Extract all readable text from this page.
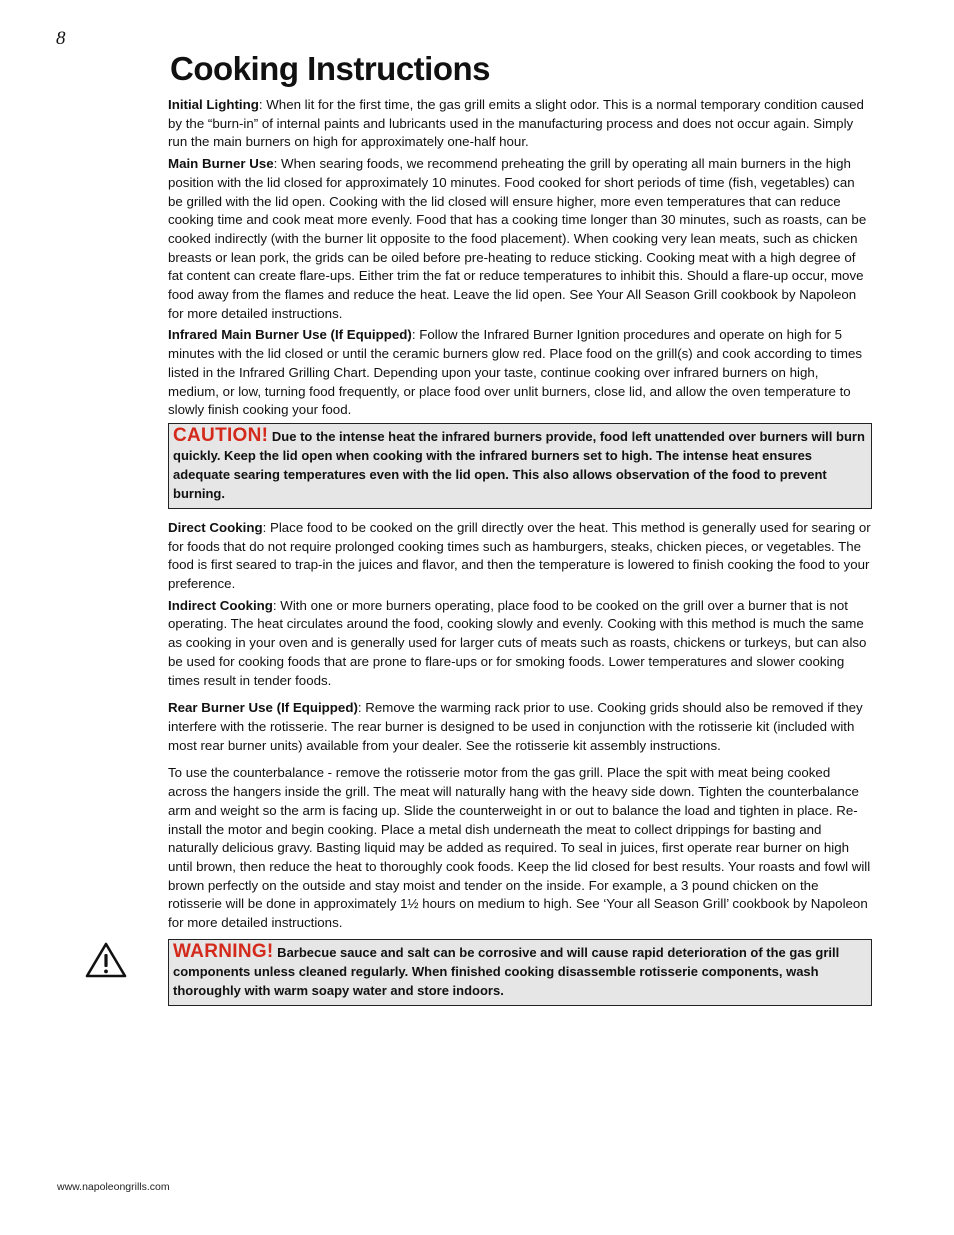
8
Cooking Instructions

Initial Lighting: When lit for the first time, the gas grill emits a slight odor. This is a normal temporary condition caused by the “burn-in” of internal paints and lubricants used in the manufacturing process and does not occur again. Simply run the main burners on high for approximately one-half hour.

Main Burner Use: When searing foods, we recommend preheating the grill by operating all main burners in the high position with the lid closed for approximately 10 minutes. Food cooked for short periods of time (fish, vegetables) can be grilled with the lid open. Cooking with the lid closed will ensure higher, more even temperatures that can reduce cooking time and cook meat more evenly. Food that has a cooking time longer than 30 minutes, such as roasts, can be cooked indirectly (with the burner lit opposite to the food placement). When cooking very lean meats, such as chicken breasts or lean pork, the grids can be oiled before pre-heating to reduce sticking. Cooking meat with a high degree of fat content can create flare-ups. Either trim the fat or reduce temperatures to inhibit this. Should a flare-up occur, move food away from the flames and reduce the heat. Leave the lid open. See Your All Season Grill cookbook by Napoleon for more detailed instructions.

Infrared Main Burner Use (If Equipped): Follow the Infrared Burner Ignition procedures and operate on high for 5 minutes with the lid closed or until the ceramic burners glow red. Place food on the grill(s) and cook according to times listed in the Infrared Grilling Chart. Depending upon your taste, continue cooking over infrared burners on high, medium, or low, turning food frequently, or place food over unlit burners, close lid, and allow the oven temperature to slowly finish cooking your food.

CAUTION! Due to the intense heat the infrared burners provide, food left unattended over burners will burn quickly. Keep the lid open when cooking with the infrared burners set to high. The intense heat ensures adequate searing temperatures even with the lid open. This also allows observation of the food to prevent burning.

Direct Cooking: Place food to be cooked on the grill directly over the heat. This method is generally used for searing or for foods that do not require prolonged cooking times such as hamburgers, steaks, chicken pieces, or vegetables. The food is first seared to trap-in the juices and flavor, and then the temperature is lowered to finish cooking the food to your preference.

Indirect Cooking: With one or more burners operating, place food to be cooked on the grill over a burner that is not operating. The heat circulates around the food, cooking slowly and evenly. Cooking with this method is much the same as cooking in your oven and is generally used for larger cuts of meats such as roasts, chickens or turkeys, but can also be used for cooking foods that are prone to flare-ups or for smoking foods. Lower temperatures and slower cooking times result in tender foods.

Rear Burner Use (If Equipped): Remove the warming rack prior to use. Cooking grids should also be removed if they interfere with the rotisserie. The rear burner is designed to be used in conjunction with the rotisserie kit (included with most rear burner units) available from your dealer. See the rotisserie kit assembly instructions.

To use the counterbalance - remove the rotisserie motor from the gas grill. Place the spit with meat being cooked across the hangers inside the grill. The meat will naturally hang with the heavy side down. Tighten the counterbalance arm and weight so the arm is facing up. Slide the counterweight in or out to balance the load and tighten in place. Re-install the motor and begin cooking. Place a metal dish underneath the meat to collect drippings for basting and naturally delicious gravy. Basting liquid may be added as required. To seal in juices, first operate rear burner on high until brown, then reduce the heat to thoroughly cook foods. Keep the lid closed for best results. Your roasts and fowl will brown perfectly on the outside and stay moist and tender on the inside. For example, a 3 pound chicken on the rotisserie will be done in approximately 1½ hours on medium to high. See ‘Your all Season Grill’ cookbook by Napoleon for more detailed instructions.

WARNING! Barbecue sauce and salt can be corrosive and will cause rapid deterioration of the gas grill components unless cleaned regularly. When finished cooking disassemble rotisserie components, wash thoroughly with warm soapy water and store indoors.
www.napoleongrills.com
